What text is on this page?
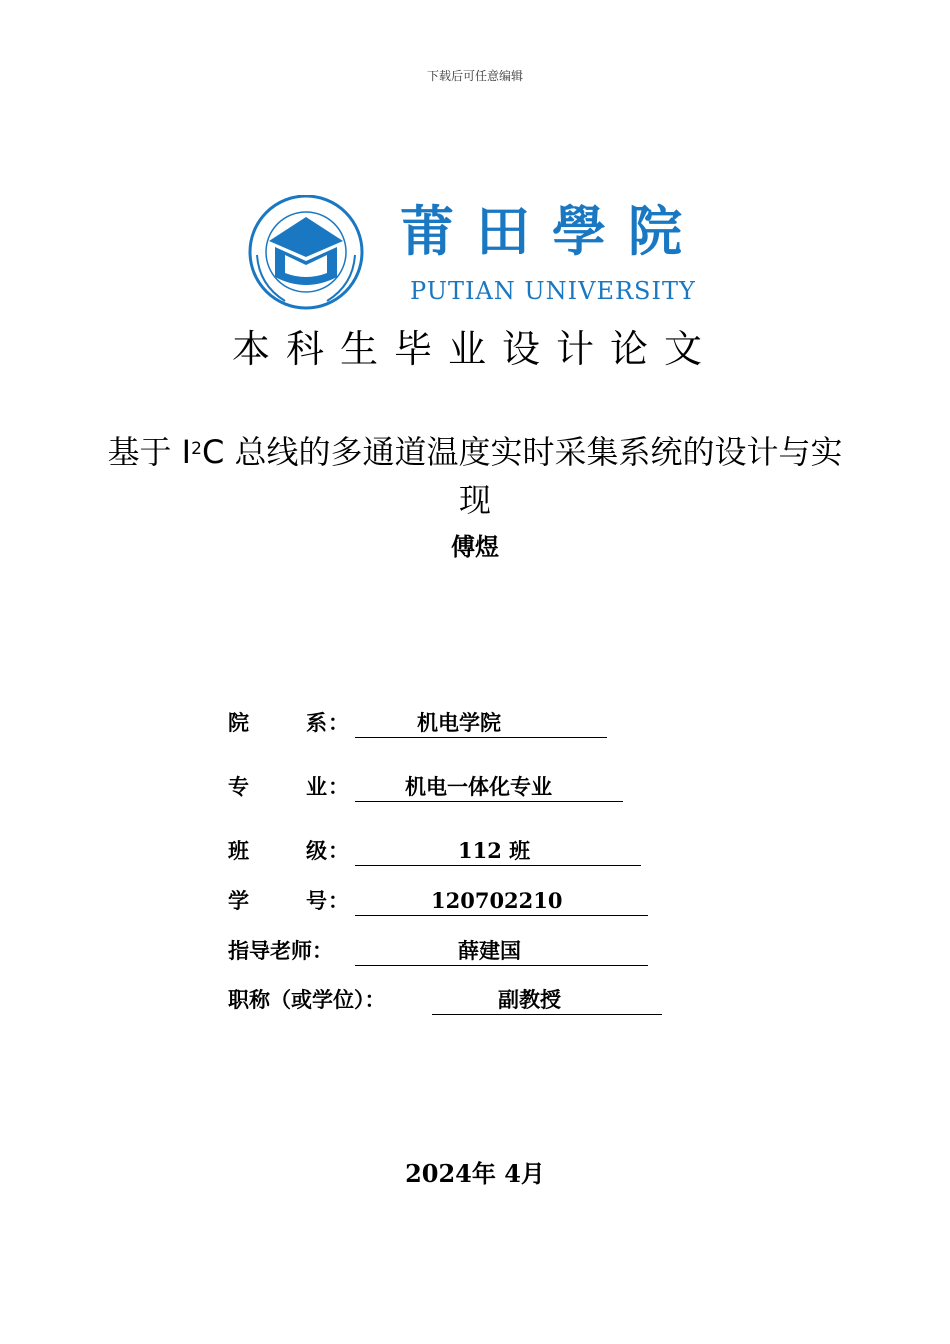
下载后可任意编辑
莆田學院
PUTIAN UNIVERSITY
本科生毕业设计论文
基于 $I^2C$ 总线的多通道温度实时采集系统的设计与实现
傅煜
院	系 ：	机电学院
专	业 ：	机电一体化专业
班	级 ：	112 班
学	号 ：	120702210
指导老师：	薛建国
职称（或学位）：	副教授
2024年 4月
